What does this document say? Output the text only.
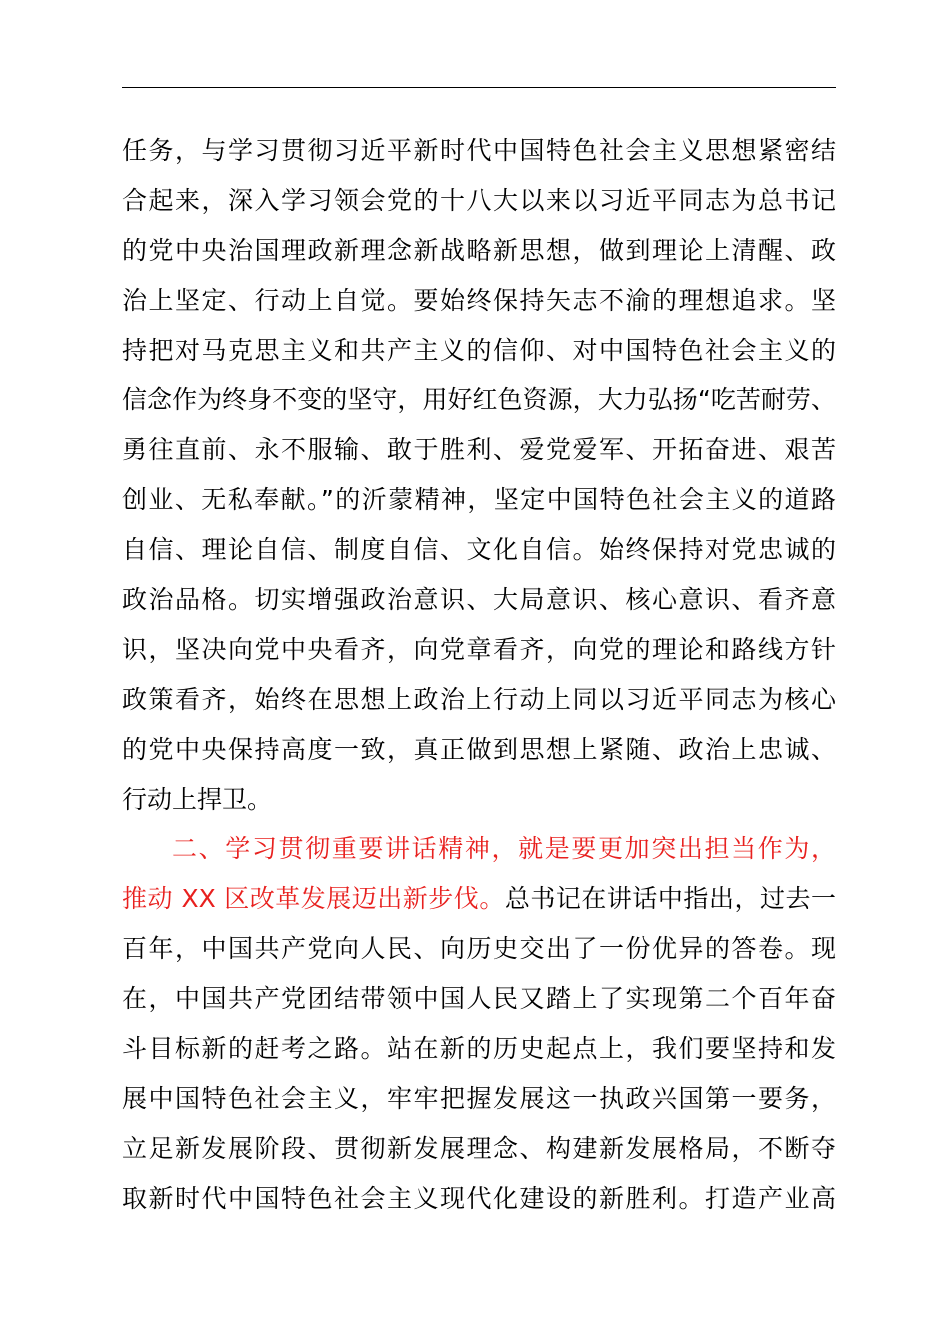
任务，与学习贯彻习近平新时代中国特色社会主义思想紧密结
合起来，深入学习领会党的十八大以来以习近平同志为总书记
的党中央治国理政新理念新战略新思想，做到理论上清醒、政
治上坚定、行动上自觉。要始终保持矢志不渝的理想追求。坚
持把对马克思主义和共产主义的信仰、对中国特色社会主义的
信念作为终身不变的坚守，用好红色资源，大力弘扬“吃苦耐劳、
勇往直前、永不服输、敢于胜利、爱党爱军、开拓奋进、艰苦
创业、无私奉献。”的沂蒙精神，坚定中国特色社会主义的道路
自信、理论自信、制度自信、文化自信。始终保持对党忠诚的
政治品格。切实增强政治意识、大局意识、核心意识、看齐意
识，坚决向党中央看齐，向党章看齐，向党的理论和路线方针
政策看齐，始终在思想上政治上行动上同以习近平同志为核心
的党中央保持高度一致，真正做到思想上紧随、政治上忠诚、
行动上捍卫。
二、学习贯彻重要讲话精神，就是要更加突出担当作为，
推动 XX 区改革发展迈出新步伐。总书记在讲话中指出，过去一
百年，中国共产党向人民、向历史交出了一份优异的答卷。现
在，中国共产党团结带领中国人民又踏上了实现第二个百年奋
斗目标新的赶考之路。站在新的历史起点上，我们要坚持和发
展中国特色社会主义，牢牢把握发展这一执政兴国第一要务，
立足新发展阶段、贯彻新发展理念、构建新发展格局，不断夺
取新时代中国特色社会主义现代化建设的新胜利。打造产业高
